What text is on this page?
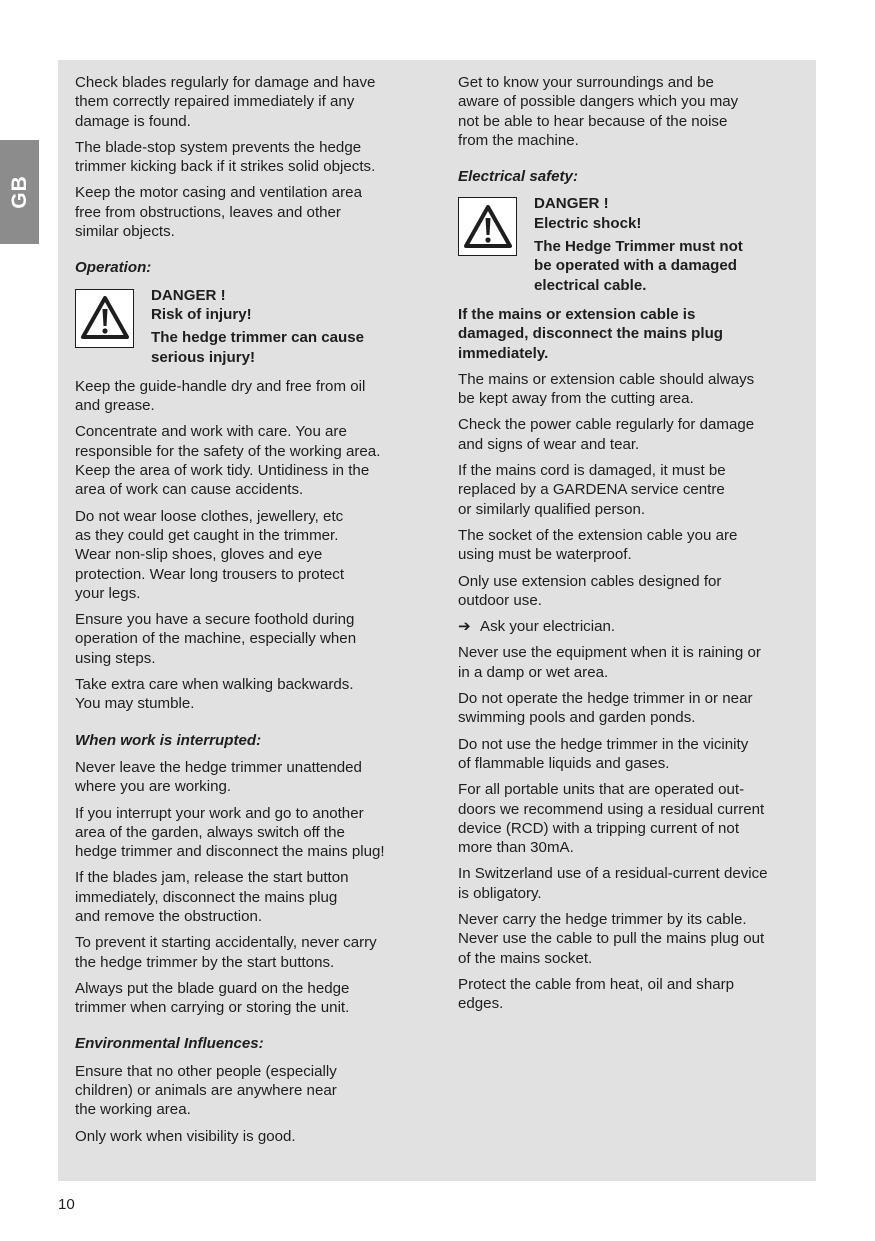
GB

Check blades regularly for damage and have
them correctly repaired immediately if any
damage is found.

The blade-stop system prevents the hedge
trimmer kicking back if it strikes solid objects.

Keep the motor casing and ventilation area
free from obstructions, leaves and other
similar objects.

Operation:
DANGER !
Risk of injury!
The hedge trimmer can cause
serious injury!

Keep the guide-handle dry and free from oil
and grease.

Concentrate and work with care. You are
responsible for the safety of the working area.
Keep the area of work tidy. Untidiness in the
area of work can cause accidents.

Do not wear loose clothes, jewellery, etc
as they could get caught in the trimmer.
Wear non-slip shoes, gloves and eye
protection. Wear long trousers to protect
your legs.

Ensure you have a secure foothold during
operation of the machine, especially when
using steps.

Take extra care when walking backwards.
You may stumble.

When work is interrupted:

Never leave the hedge trimmer unattended
where you are working.

If you interrupt your work and go to another
area of the garden, always switch off the
hedge trimmer and disconnect the mains plug!

If the blades jam, release the start button
immediately, disconnect the mains plug
and remove the obstruction.

To prevent it starting accidentally, never carry
the hedge trimmer by the start buttons.

Always put the blade guard on the hedge
trimmer when carrying or storing the unit.

Environmental Influences:

Ensure that no other people (especially
children) or animals are anywhere near
the working area.

Only work when visibility is good.

Get to know your surroundings and be
aware of possible dangers which you may
not be able to hear because of the noise
from the machine.

Electrical safety:
DANGER !
Electric shock!
The Hedge Trimmer must not
be operated with a damaged
electrical cable.

If the mains or extension cable is
damaged, disconnect the mains plug
immediately.

The mains or extension cable should always
be kept away from the cutting area.

Check the power cable regularly for damage
and signs of wear and tear.

If the mains cord is damaged, it must be
replaced by a GARDENA service centre
or similarly qualified person.

The socket of the extension cable you are
using must be waterproof.

Only use extension cables designed for
outdoor use.

➔ Ask your electrician.

Never use the equipment when it is raining or
in a damp or wet area.

Do not operate the hedge trimmer in or near
swimming pools and garden ponds.

Do not use the hedge trimmer in the vicinity
of flammable liquids and gases.

For all portable units that are operated out-
doors we recommend using a residual current
device (RCD) with a tripping current of not
more than 30mA.

In Switzerland use of a residual-current device
is obligatory.

Never carry the hedge trimmer by its cable.
Never use the cable to pull the mains plug out
of the mains socket.

Protect the cable from heat, oil and sharp
edges.

10
